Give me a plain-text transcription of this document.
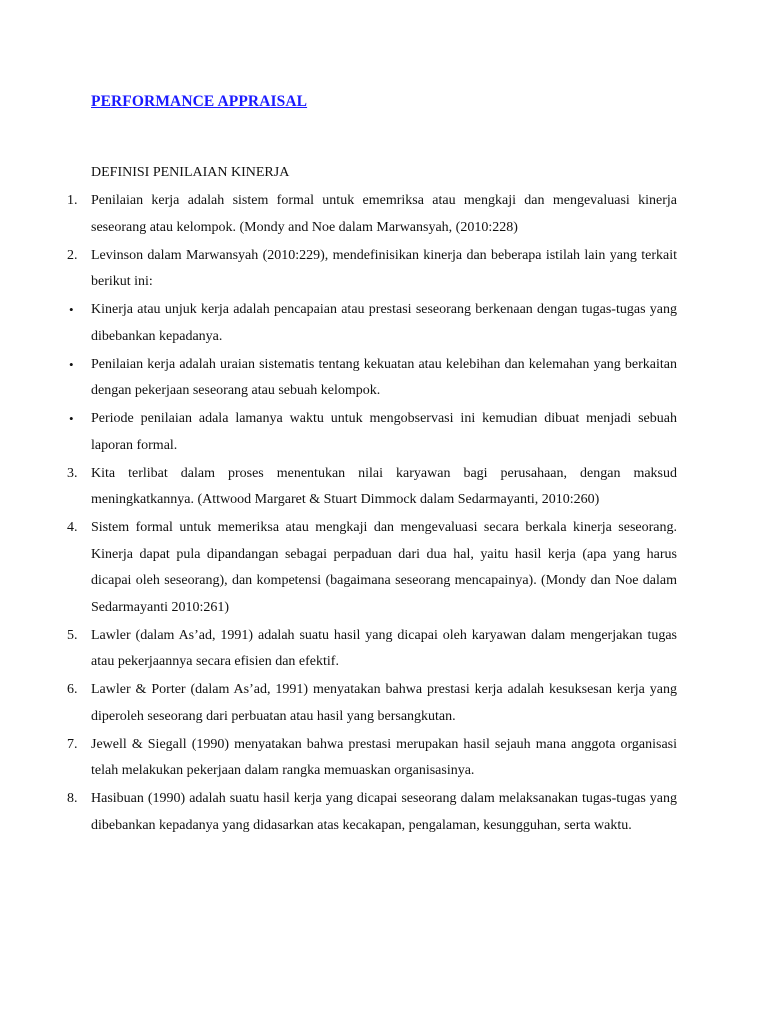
PERFORMANCE APPRAISAL
DEFINISI PENILAIAN KINERJA
1. Penilaian kerja adalah sistem formal untuk ememriksa atau mengkaji dan mengevaluasi kinerja seseorang atau kelompok. (Mondy and Noe dalam Marwansyah, (2010:228)
2. Levinson dalam Marwansyah (2010:229), mendefinisikan kinerja dan beberapa istilah lain yang terkait berikut ini:
• Kinerja atau unjuk kerja adalah pencapaian atau prestasi seseorang berkenaan dengan tugas-tugas yang dibebankan kepadanya.
• Penilaian kerja adalah uraian sistematis tentang kekuatan atau kelebihan dan kelemahan yang berkaitan dengan pekerjaan seseorang atau sebuah kelompok.
• Periode penilaian adala lamanya waktu untuk mengobservasi ini kemudian dibuat menjadi sebuah laporan formal.
3. Kita terlibat dalam proses menentukan nilai karyawan bagi perusahaan, dengan maksud meningkatkannya. (Attwood Margaret & Stuart Dimmock dalam Sedarmayanti, 2010:260)
4. Sistem formal untuk memeriksa atau mengkaji dan mengevaluasi secara berkala kinerja seseorang. Kinerja dapat pula dipandangan sebagai perpaduan dari dua hal, yaitu hasil kerja (apa yang harus dicapai oleh seseorang), dan kompetensi (bagaimana seseorang mencapainya). (Mondy dan Noe dalam Sedarmayanti 2010:261)
5. Lawler (dalam As’ad, 1991) adalah suatu hasil yang dicapai oleh karyawan dalam mengerjakan tugas atau pekerjaannya secara efisien dan efektif.
6. Lawler & Porter (dalam As’ad, 1991) menyatakan bahwa prestasi kerja adalah kesuksesan kerja yang diperoleh seseorang dari perbuatan atau hasil yang bersangkutan.
7. Jewell & Siegall (1990) menyatakan bahwa prestasi merupakan hasil sejauh mana anggota organisasi telah melakukan pekerjaan dalam rangka memuaskan organisasinya.
8. Hasibuan (1990) adalah suatu hasil kerja yang dicapai seseorang dalam melaksanakan tugas-tugas yang dibebankan kepadanya yang didasarkan atas kecakapan, pengalaman, kesungguhan, serta waktu.
